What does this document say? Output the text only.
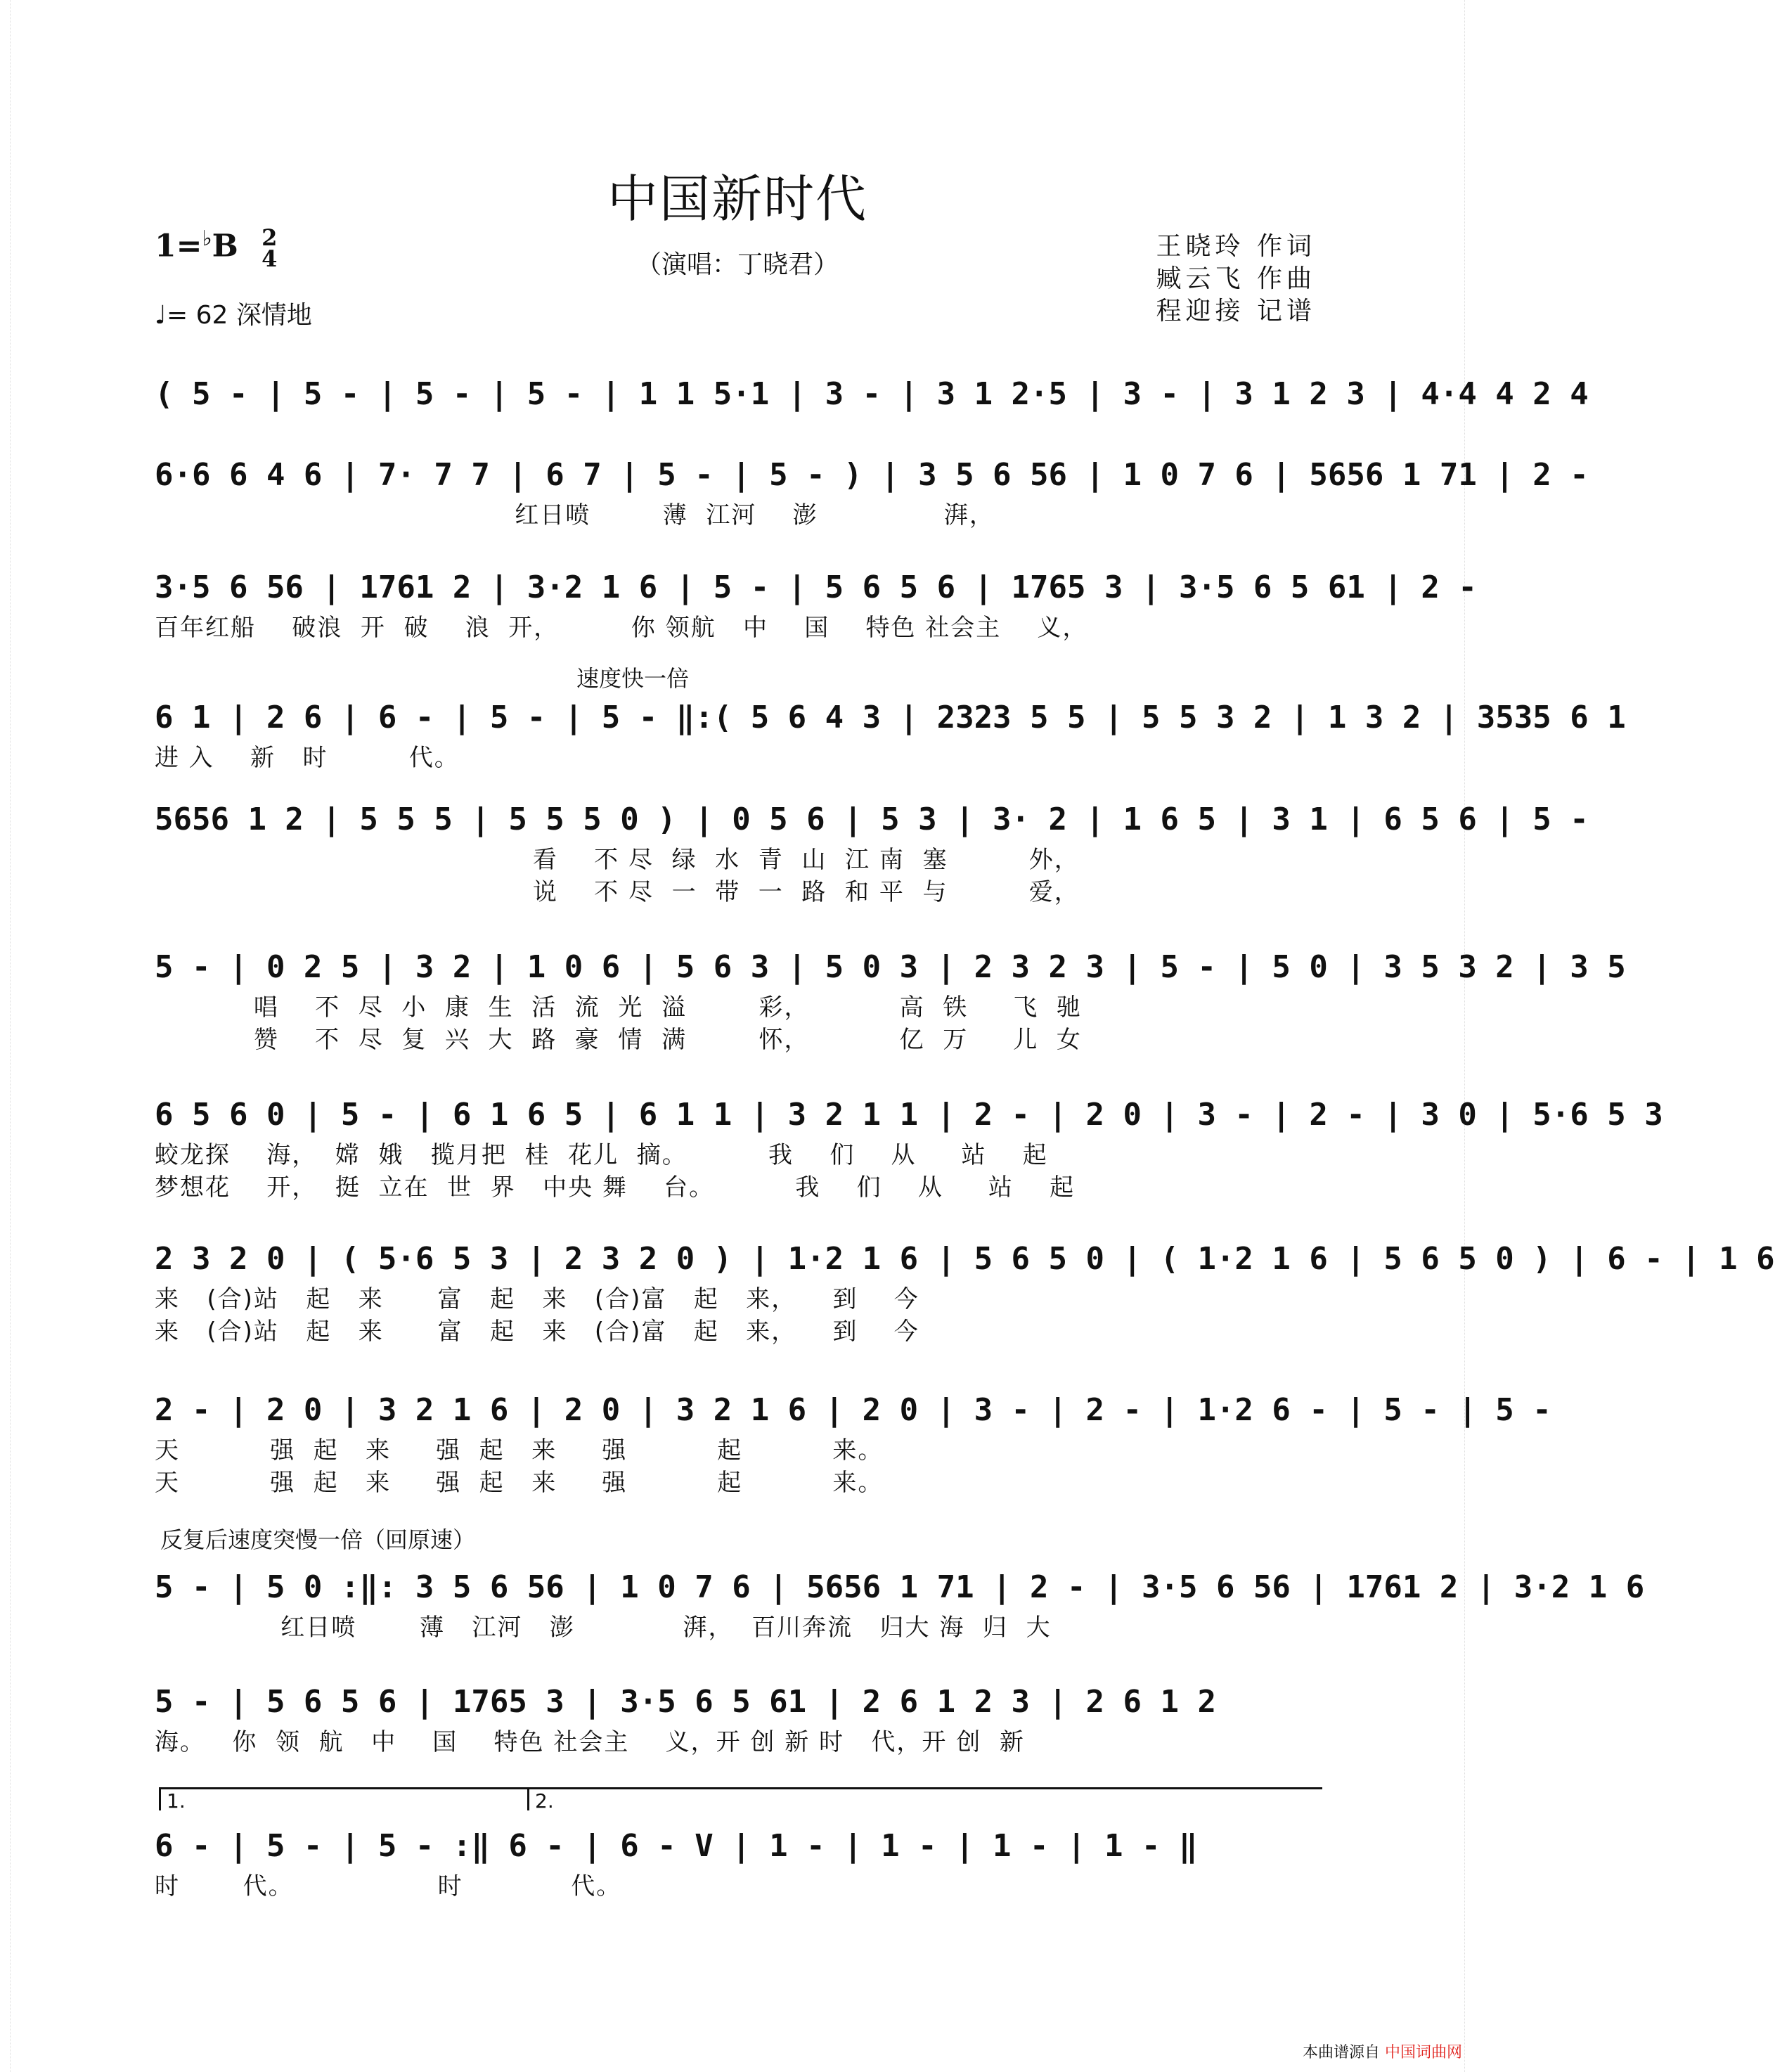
中国新时代
（演唱：丁晓君）
王晓玲 作词
臧云飞 作曲
程迎接 记谱
1=♭B 2
4
♩= 62 深情地
速度快一倍
反复后速度突慢一倍（回原速）
( 5 - | 5 - | 5 - | 5 - | 1 1 5·1 | 3 - | 3 1 2·5 | 3 - | 3 1 2 3 | 4·4 4 2 4
6·6 6 4 6 | 7· 7 7 | 6 7 | 5 - | 5 - ) | 3 5 6 56 | 1 0 7 6 | 5656 1 71 | 2 -
红日喷        薄  江河    澎              湃，
3·5 6 56 | 1761 2 | 3·2 1 6 | 5 - | 5 6 5 6 | 1765 3 | 3·5 6 5 61 | 2 -
百年红船    破浪  开  破    浪  开，        你 领航   中    国    特色 社会主    义，
6 1 | 2 6 | 6 - | 5 - | 5 - ‖:( 5 6 4 3 | 2323 5 5 | 5 5 3 2 | 1 3 2 | 3535 6 1
进 入    新   时         代。
5656 1 2 | 5 5 5 | 5 5 5 0 ) | 0 5 6 | 5 3 | 3· 2 | 1 6 5 | 3 1 | 6 5 6 | 5 -
看    不 尽  绿  水  青  山  江 南  塞         外，
说    不 尽  一  带  一  路  和 平  与         爱，
5 - | 0 2 5 | 3 2 | 1 0 6 | 5 6 3 | 5 0 3 | 2 3 2 3 | 5 - | 5 0 | 3 5 3 2 | 3 5
唱    不  尽  小  康  生  活  流  光  溢        彩，          高  铁     飞  驰
赞    不  尽  复  兴  大  路  豪  情  满        怀，          亿  万     儿  女
6 5 6 0 | 5 - | 6 1 6 5 | 6 1 1 | 3 2 1 1 | 2 - | 2 0 | 3 - | 2 - | 3 0 | 5·6 5 3
蛟龙探    海，  嫦  娥   揽月把  桂  花儿  摘。         我    们    从     站    起
梦想花    开，  挺  立在  世  界   中央 舞    台。         我    们    从     站    起
2 3 2 0 | ( 5·6 5 3 | 2 3 2 0 ) | 1·2 1 6 | 5 6 5 0 | ( 1·2 1 6 | 5 6 5 0 ) | 6 - | 1 6
来   (合)站   起   来      富   起   来   (合)富   起   来，    到    今
来   (合)站   起   来      富   起   来   (合)富   起   来，    到    今
2 - | 2 0 | 3 2 1 6 | 2 0 | 3 2 1 6 | 2 0 | 3 - | 2 - | 1·2 6 - | 5 - | 5 -
天          强  起   来     强  起   来     强          起          来。
天          强  起   来     强  起   来     强          起          来。
5 - | 5 0 :‖: 3 5 6 56 | 1 0 7 6 | 5656 1 71 | 2 - | 3·5 6 56 | 1761 2 | 3·2 1 6
红日喷       薄   江河   澎            湃，  百川奔流   归大 海  归  大
5 - | 5 6 5 6 | 1765 3 | 3·5 6 5 61 | 2 6 1 2 3 | 2 6 1 2
海。   你  领  航   中    国    特色 社会主    义，开 创 新 时   代，开 创  新
1.	2.
6 - | 5 - | 5 - :‖ 6 - | 6 - V | 1 - | 1 - | 1 - | 1 - ‖
时       代。                时            代。
本曲谱源自 中国词曲网
